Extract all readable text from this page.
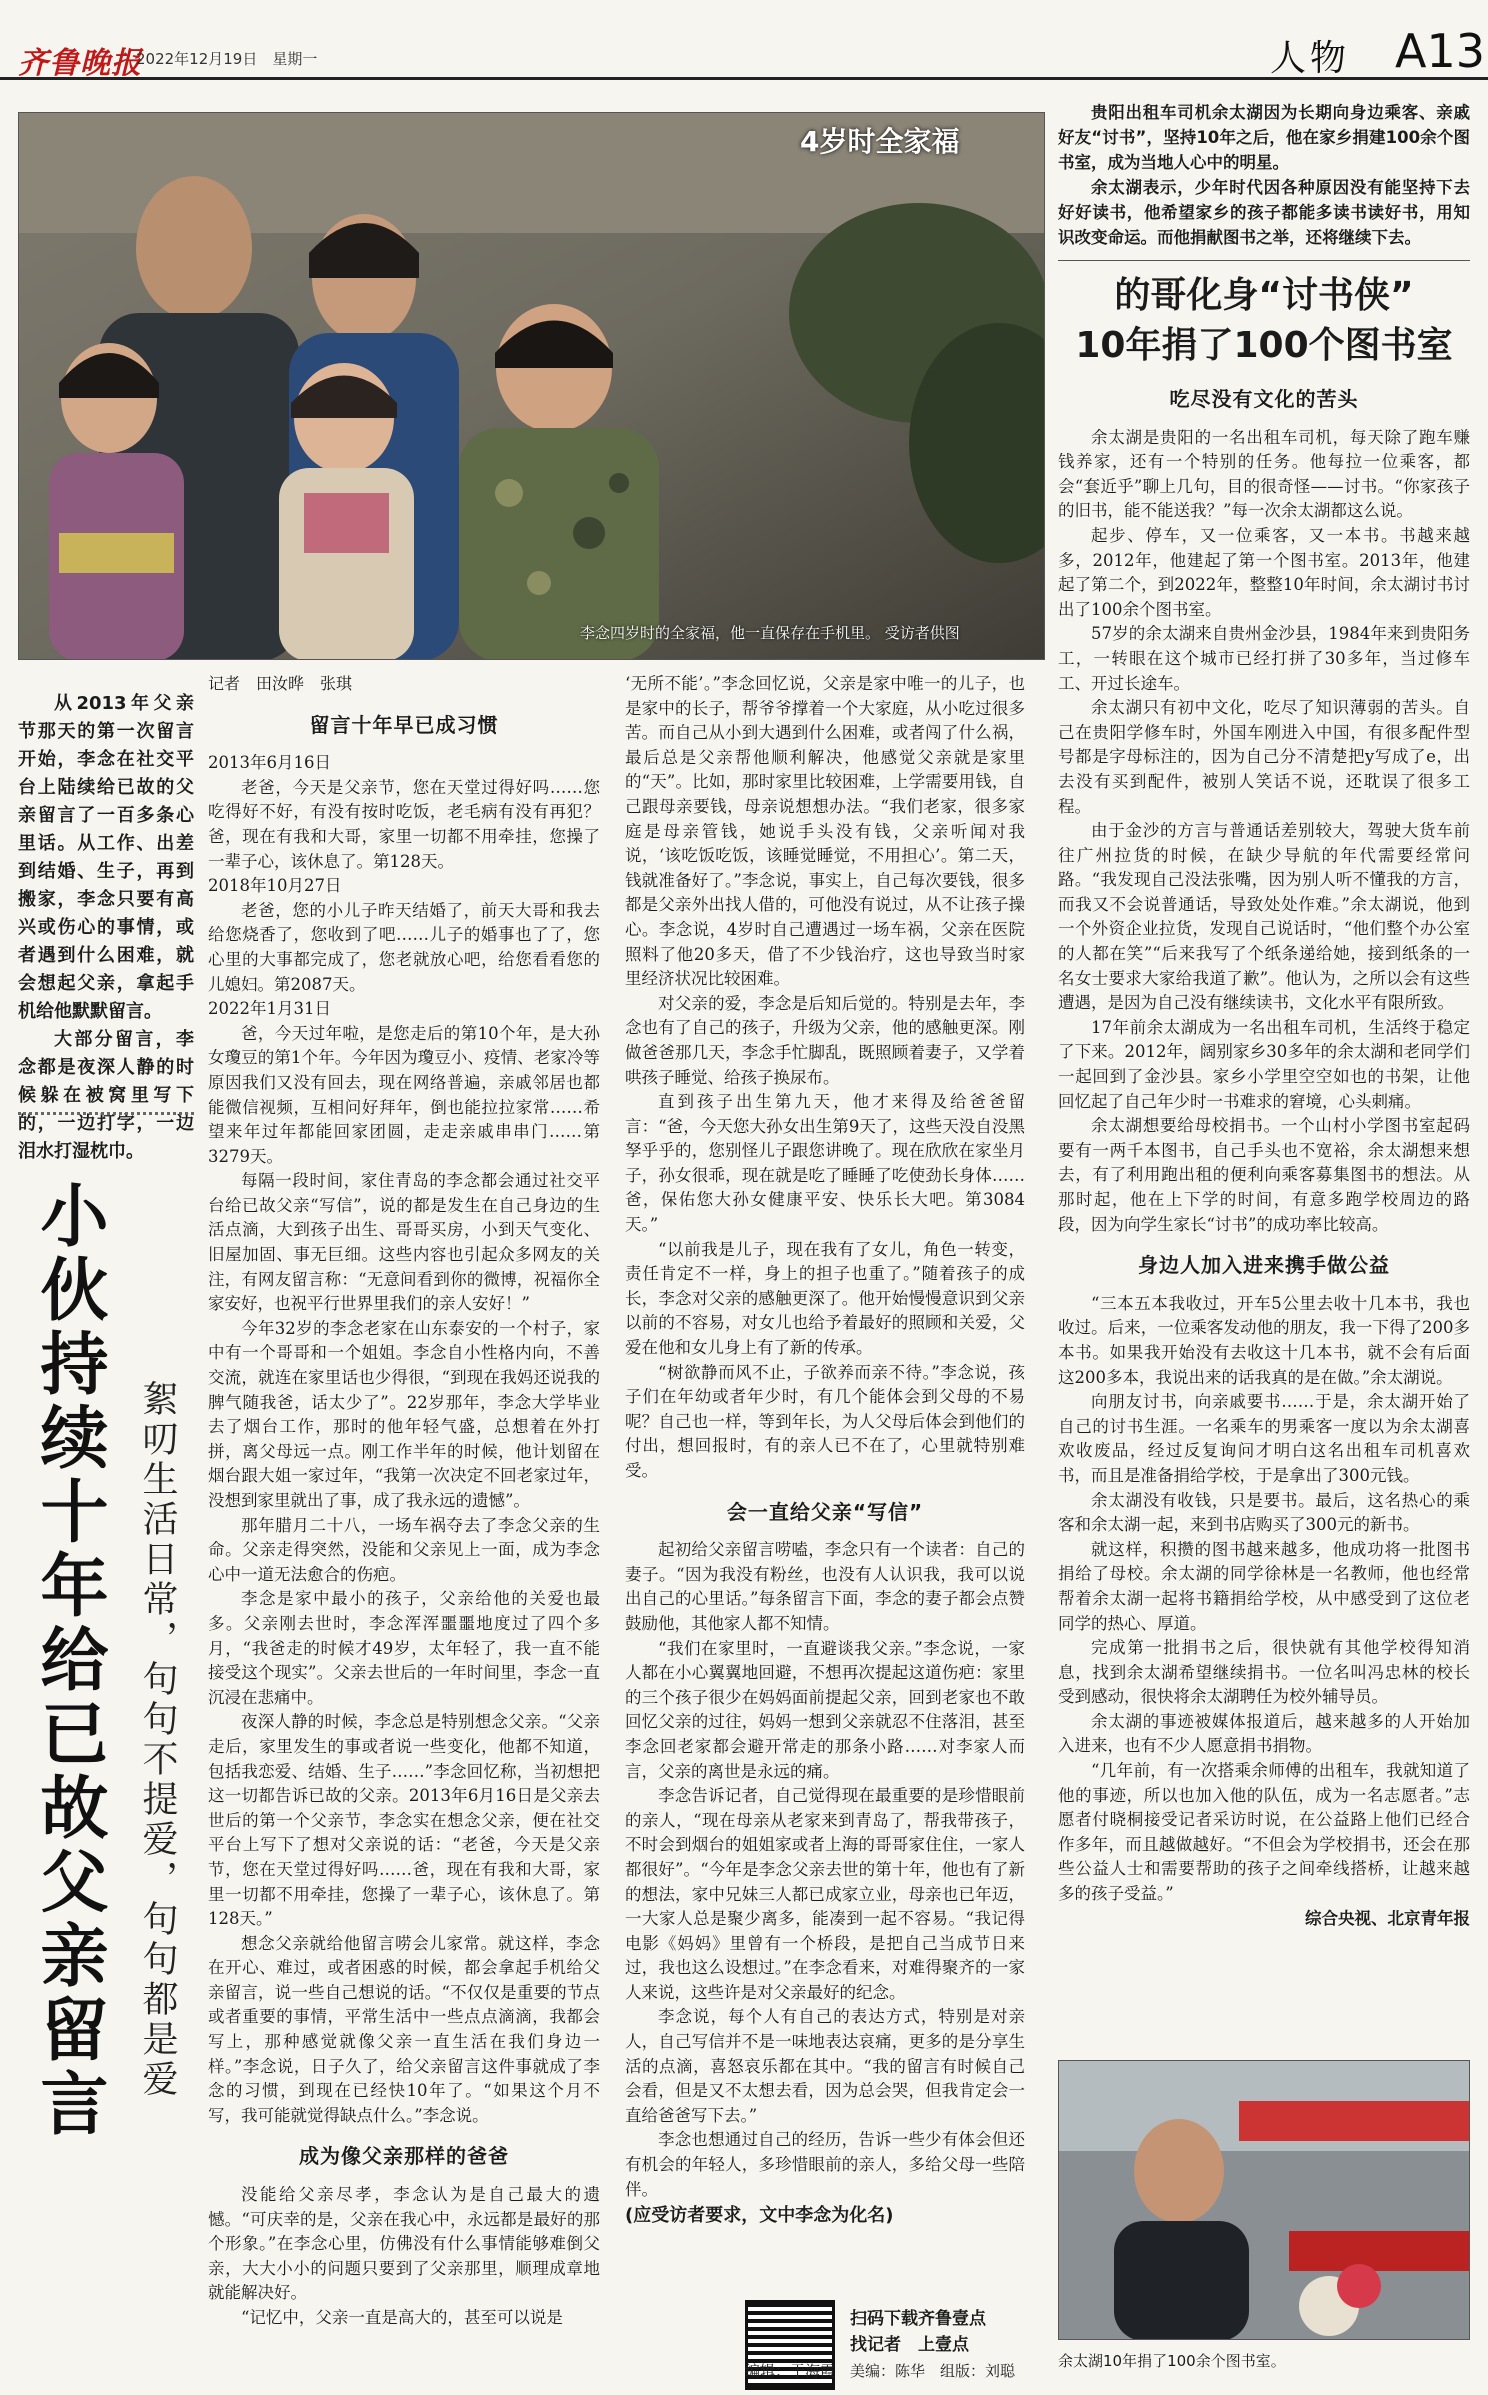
齐鲁晚报
2022年12月19日　星期一	人物 A13
4岁时全家福
李念四岁时的全家福，他一直保存在手机里。 受访者供图

从2013年父亲节那天的第一次留言开始，李念在社交平台上陆续给已故的父亲留言了一百多条心里话。从工作、出差到结婚、生子，再到搬家，李念只要有高兴或伤心的事情，或者遇到什么困难，就会想起父亲，拿起手机给他默默留言。

大部分留言，李念都是夜深人静的时候躲在被窝里写下的，一边打字，一边泪水打湿枕巾。

小伙持续十年给已故父亲留言 絮叨生活日常，句句不提爱，句句都是爱

记者　田汝晔　张琪

留言十年早已成习惯

2013年6月16日

老爸，今天是父亲节，您在天堂过得好吗……您吃得好不好，有没有按时吃饭，老毛病有没有再犯？爸，现在有我和大哥，家里一切都不用牵挂，您操了一辈子心，该休息了。第128天。

2018年10月27日

老爸，您的小儿子昨天结婚了，前天大哥和我去给您烧香了，您收到了吧……儿子的婚事也了了，您心里的大事都完成了，您老就放心吧，给您看看您的儿媳妇。第2087天。

2022年1月31日

爸，今天过年啦，是您走后的第10个年，是大孙女瓊豆的第1个年。今年因为瓊豆小、疫情、老家冷等原因我们又没有回去，现在网络普遍，亲戚邻居也都能微信视频，互相问好拜年，倒也能拉拉家常……希望来年过年都能回家团圆，走走亲戚串串门……第3279天。

每隔一段时间，家住青岛的李念都会通过社交平台给已故父亲“写信”，说的都是发生在自己身边的生活点滴，大到孩子出生、哥哥买房，小到天气变化、旧屋加固、事无巨细。这些内容也引起众多网友的关注，有网友留言称：“无意间看到你的微博，祝福你全家安好，也祝平行世界里我们的亲人安好！”

今年32岁的李念老家在山东泰安的一个村子，家中有一个哥哥和一个姐姐。李念自小性格内向，不善交流，就连在家里话也少得很，“到现在我妈还说我的脾气随我爸，话太少了”。22岁那年，李念大学毕业去了烟台工作，那时的他年轻气盛，总想着在外打拼，离父母远一点。刚工作半年的时候，他计划留在烟台跟大姐一家过年，“我第一次决定不回老家过年，没想到家里就出了事，成了我永远的遗憾”。

那年腊月二十八，一场车祸夺去了李念父亲的生命。父亲走得突然，没能和父亲见上一面，成为李念心中一道无法愈合的伤疤。

李念是家中最小的孩子，父亲给他的关爱也最多。父亲刚去世时，李念浑浑噩噩地度过了四个多月，“我爸走的时候才49岁，太年轻了，我一直不能接受这个现实”。父亲去世后的一年时间里，李念一直沉浸在悲痛中。

夜深人静的时候，李念总是特别想念父亲。“父亲走后，家里发生的事或者说一些变化，他都不知道，包括我恋爱、结婚、生子……”李念回忆称，当初想把这一切都告诉已故的父亲。2013年6月16日是父亲去世后的第一个父亲节，李念实在想念父亲，便在社交平台上写下了想对父亲说的话：“老爸，今天是父亲节，您在天堂过得好吗……爸，现在有我和大哥，家里一切都不用牵挂，您操了一辈子心，该休息了。第128天。”

想念父亲就给他留言唠会儿家常。就这样，李念在开心、难过，或者困惑的时候，都会拿起手机给父亲留言，说一些自己想说的话。“不仅仅是重要的节点或者重要的事情，平常生活中一些点点滴滴，我都会写上，那种感觉就像父亲一直生活在我们身边一样。”李念说，日子久了，给父亲留言这件事就成了李念的习惯，到现在已经快10年了。“如果这个月不写，我可能就觉得缺点什么。”李念说。

成为像父亲那样的爸爸

没能给父亲尽孝，李念认为是自己最大的遗憾。“可庆幸的是，父亲在我心中，永远都是最好的那个形象。”在李念心里，仿佛没有什么事情能够难倒父亲，大大小小的问题只要到了父亲那里，顺理成章地就能解决好。

“记忆中，父亲一直是高大的，甚至可以说是

‘无所不能’。”李念回忆说，父亲是家中唯一的儿子，也是家中的长子，帮爷爷撑着一个大家庭，从小吃过很多苦。而自己从小到大遇到什么困难，或者闯了什么祸，最后总是父亲帮他顺利解决，他感觉父亲就是家里的“天”。比如，那时家里比较困难，上学需要用钱，自己跟母亲要钱，母亲说想想办法。“我们老家，很多家庭是母亲管钱，她说手头没有钱，父亲听闻对我说，‘该吃饭吃饭，该睡觉睡觉，不用担心’。第二天，钱就准备好了。”李念说，事实上，自己每次要钱，很多都是父亲外出找人借的，可他没有说过，从不让孩子操心。李念说，4岁时自己遭遇过一场车祸，父亲在医院照料了他20多天，借了不少钱治疗，这也导致当时家里经济状况比较困难。

对父亲的爱，李念是后知后觉的。特别是去年，李念也有了自己的孩子，升级为父亲，他的感触更深。刚做爸爸那几天，李念手忙脚乱，既照顾着妻子，又学着哄孩子睡觉、给孩子换尿布。

直到孩子出生第九天，他才来得及给爸爸留言：“爸，今天您大孙女出生第9天了，这些天没自没黑孥乎乎的，您别怪儿子跟您讲晚了。现在欣欣在家坐月子，孙女很乖，现在就是吃了睡睡了吃使劲长身体……爸，保佑您大孙女健康平安、快乐长大吧。第3084天。”

“以前我是儿子，现在我有了女儿，角色一转变，责任肯定不一样，身上的担子也重了。”随着孩子的成长，李念对父亲的感触更深了。他开始慢慢意识到父亲以前的不容易，对女儿也给予着最好的照顾和关爱，父爱在他和女儿身上有了新的传承。

“树欲静而风不止，子欲养而亲不待。”李念说，孩子们在年幼或者年少时，有几个能体会到父母的不易呢？自己也一样，等到年长，为人父母后体会到他们的付出，想回报时，有的亲人已不在了，心里就特别难受。

会一直给父亲“写信”

起初给父亲留言唠嗑，李念只有一个读者：自己的妻子。“因为我没有粉丝，也没有人认识我，我可以说出自己的心里话。”每条留言下面，李念的妻子都会点赞鼓励他，其他家人都不知情。

“我们在家里时，一直避谈我父亲。”李念说，一家人都在小心翼翼地回避，不想再次提起这道伤疤：家里的三个孩子很少在妈妈面前提起父亲，回到老家也不敢回忆父亲的过往，妈妈一想到父亲就忍不住落泪，甚至李念回老家都会避开常走的那条小路……对李家人而言，父亲的离世是永远的痛。

李念告诉记者，自己觉得现在最重要的是珍惜眼前的亲人，“现在母亲从老家来到青岛了，帮我带孩子，不时会到烟台的姐姐家或者上海的哥哥家住住，一家人都很好”。“今年是李念父亲去世的第十年，他也有了新的想法，家中兄妹三人都已成家立业，母亲也已年迈，一大家人总是聚少离多，能凑到一起不容易。“我记得电影《妈妈》里曾有一个桥段，是把自己当成节日来过，我也这么设想过。”在李念看来，对难得聚齐的一家人来说，这些许是对父亲最好的纪念。

李念说，每个人有自己的表达方式，特别是对亲人，自己写信并不是一味地表达哀痛，更多的是分享生活的点滴，喜怒哀乐都在其中。“我的留言有时候自己会看，但是又不太想去看，因为总会哭，但我肯定会一直给爸爸写下去。”

李念也想通过自己的经历，告诉一些少有体会但还有机会的年轻人，多珍惜眼前的亲人，多给父母一些陪伴。

(应受访者要求，文中李念为化名)

扫码下载齐鲁壹点
找记者　上壹点
编辑：于海霞　美编：陈华　组版：刘聪

贵阳出租车司机余太湖因为长期向身边乘客、亲戚好友“讨书”，坚持10年之后，他在家乡捐建100余个图书室，成为当地人心中的明星。

余太湖表示，少年时代因各种原因没有能坚持下去好好读书，他希望家乡的孩子都能多读书读好书，用知识改变命运。而他捐献图书之举，还将继续下去。

的哥化身“讨书侠”
10年捐了100个图书室
吃尽没有文化的苦头

余太湖是贵阳的一名出租车司机，每天除了跑车赚钱养家，还有一个特别的任务。他每拉一位乘客，都会“套近乎”聊上几句，目的很奇怪——讨书。“你家孩子的旧书，能不能送我？”每一次余太湖都这么说。

起步、停车，又一位乘客，又一本书。书越来越多，2012年，他建起了第一个图书室。2013年，他建起了第二个，到2022年，整整10年时间，余太湖讨书讨出了100余个图书室。

57岁的余太湖来自贵州金沙县，1984年来到贵阳务工，一转眼在这个城市已经打拼了30多年，当过修车工、开过长途车。

余太湖只有初中文化，吃尽了知识薄弱的苦头。自己在贵阳学修车时，外国车刚进入中国，有很多配件型号都是字母标注的，因为自己分不清楚把y写成了e，出去没有买到配件，被别人笑话不说，还耽误了很多工程。

由于金沙的方言与普通话差别较大，驾驶大货车前往广州拉货的时候，在缺少导航的年代需要经常问路。“我发现自己没法张嘴，因为别人听不懂我的方言，而我又不会说普通话，导致处处作难。”余太湖说，他到一个外资企业拉货，发现自己说话时，“他们整个办公室的人都在笑”“后来我写了个纸条递给她，接到纸条的一名女士要求大家给我道了歉”。他认为，之所以会有这些遭遇，是因为自己没有继续读书，文化水平有限所致。

17年前余太湖成为一名出租车司机，生活终于稳定了下来。2012年，阔别家乡30多年的余太湖和老同学们一起回到了金沙县。家乡小学里空空如也的书架，让他回忆起了自己年少时一书难求的窘境，心头刺痛。

余太湖想要给母校捐书。一个山村小学图书室起码要有一两千本图书，自己手头也不宽裕，余太湖想来想去，有了利用跑出租的便利向乘客募集图书的想法。从那时起，他在上下学的时间，有意多跑学校周边的路段，因为向学生家长“讨书”的成功率比较高。

身边人加入进来携手做公益

“三本五本我收过，开车5公里去收十几本书，我也收过。后来，一位乘客发动他的朋友，我一下得了200多本书。如果我开始没有去收这十几本书，就不会有后面这200多本，我说出来的话我真的是在做。”余太湖说。

向朋友讨书，向亲戚要书……于是，余太湖开始了自己的讨书生涯。一名乘车的男乘客一度以为余太湖喜欢收废品，经过反复询问才明白这名出租车司机喜欢书，而且是准备捐给学校，于是拿出了300元钱。

余太湖没有收钱，只是要书。最后，这名热心的乘客和余太湖一起，来到书店购买了300元的新书。

就这样，积攒的图书越来越多，他成功将一批图书捐给了母校。余太湖的同学徐林是一名教师，他也经常帮着余太湖一起将书籍捐给学校，从中感受到了这位老同学的热心、厚道。

完成第一批捐书之后，很快就有其他学校得知消息，找到余太湖希望继续捐书。一位名叫冯忠林的校长受到感动，很快将余太湖聘任为校外辅导员。

余太湖的事迹被媒体报道后，越来越多的人开始加入进来，也有不少人愿意捐书捐物。

“几年前，有一次搭乘余师傅的出租车，我就知道了他的事迹，所以也加入他的队伍，成为一名志愿者。”志愿者付晓桐接受记者采访时说，在公益路上他们已经合作多年，而且越做越好。“不但会为学校捐书，还会在那些公益人士和需要帮助的孩子之间牵线搭桥，让越来越多的孩子受益。”

综合央视、北京青年报

余太湖10年捐了100余个图书室。
